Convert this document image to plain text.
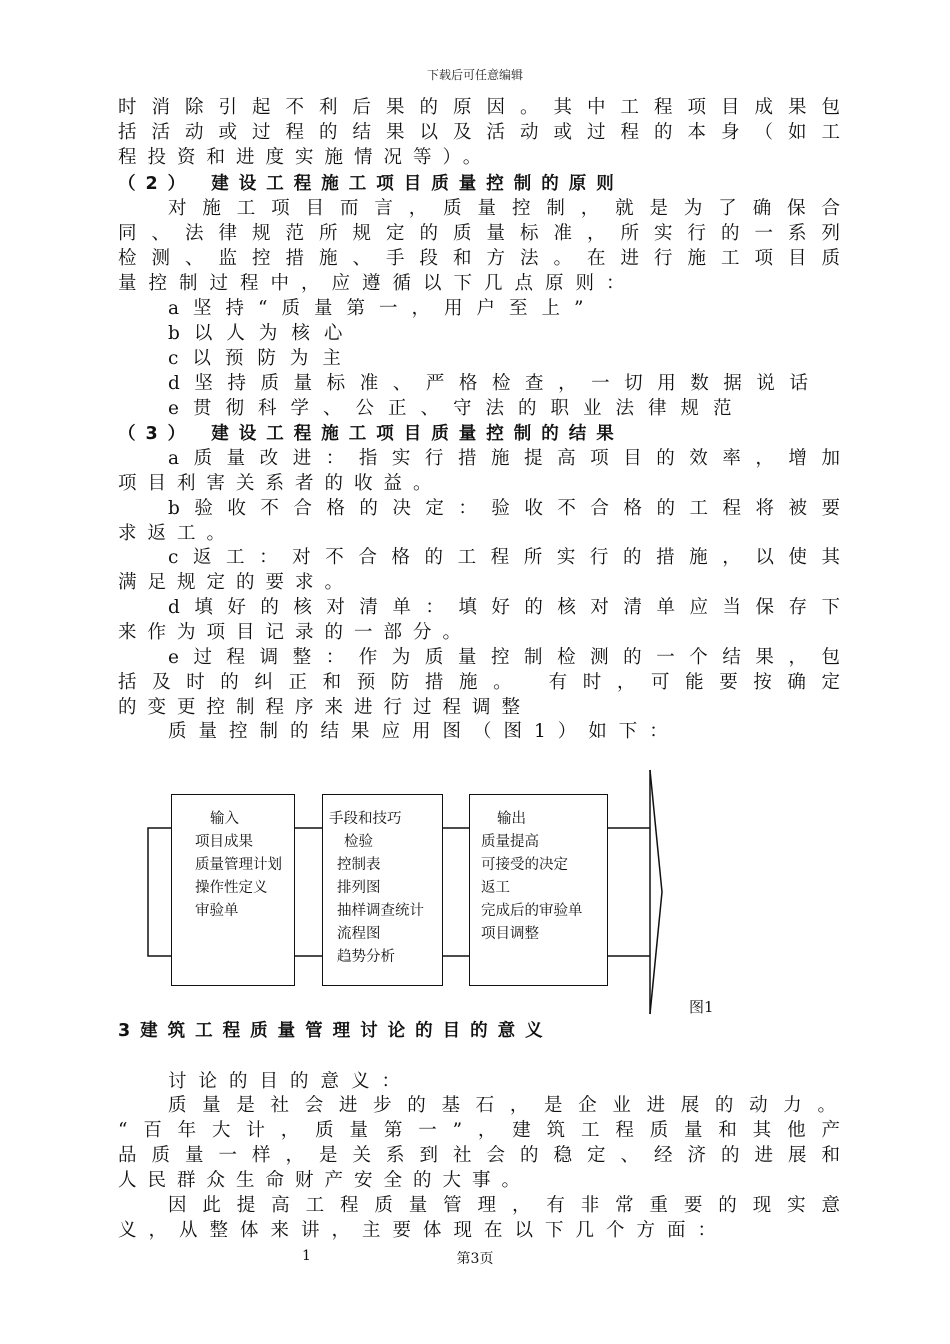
下载后可任意编辑
时消除引起不利后果的原因。其中工程项目成果包
括活动或过程的结果以及活动或过程的本身（如工
程投资和进度实施情况等）。
（2） 建设工程施工项目质量控制的原则
对施工项目而言，质量控制，就是为了确保合
同、法律规范所规定的质量标准，所实行的一系列
检测、监控措施、手段和方法。在进行施工项目质
量控制过程中，应遵循以下几点原则：
a坚持“质量第一，用户至上”
b以人为核心
c以预防为主
d坚持质量标准、严格检查，一切用数据说话
e贯彻科学、公正、守法的职业法律规范
（3） 建设工程施工项目质量控制的结果
a质量改进：指实行措施提高项目的效率，增加
项目利害关系者的收益。
b验收不合格的决定：验收不合格的工程将被要
求返工。
c返工：对不合格的工程所实行的措施，以使其
满足规定的要求。
d填好的核对清单：填好的核对清单应当保存下
来作为项目记录的一部分。
e过程调整：作为质量控制检测的一个结果，包
括及时的纠正和预防措施。 有时，可能要按确定
的变更控制程序来进行过程调整
质量控制的结果应用图（图1）如下：
输入
项目成果
质量管理计划
操作性定义
审验单
手段和技巧
检验
控制表
排列图
抽样调查统计
流程图
趋势分析
输出
质量提高
可接受的决定
返工
完成后的审验单
项目调整
图1
3建筑工程质量管理讨论的目的意义
讨论的目的意义：
质量是社会进步的基石，是企业进展的动力。
“百年大计，质量第一”，建筑工程质量和其他产
品质量一样，是关系到社会的稳定、经济的进展和
人民群众生命财产安全的大事。
因此提高工程质量管理，有非常重要的现实意
义，从整体来讲，主要体现在以下几个方面：
1	第3页
